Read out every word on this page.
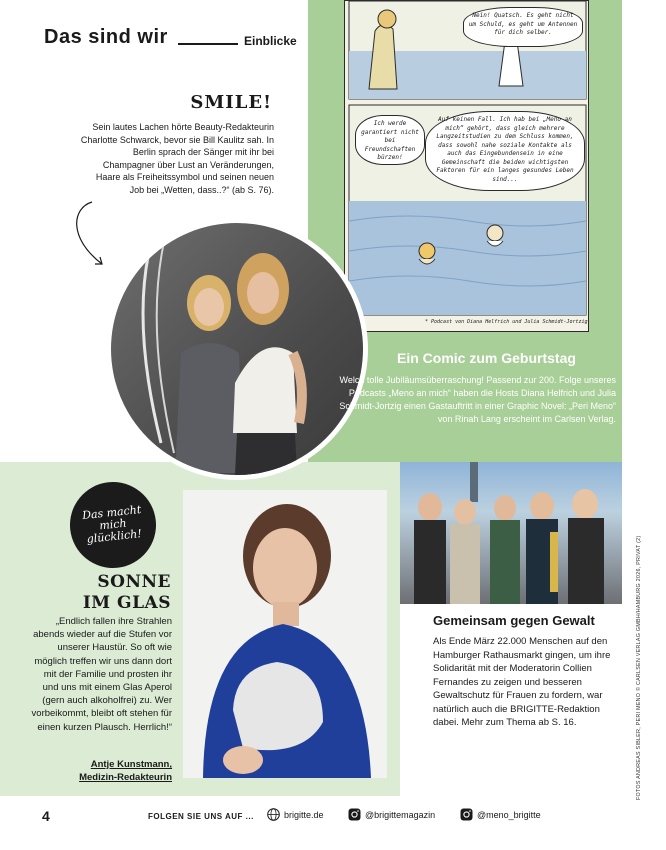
Das sind wir	Einblicke
Nein! Quatsch. Es geht nicht um Schuld, es geht um Antennen für dich selber.
Ich werde garantiert nicht bei Freundschaften bürzen!
Auf keinen Fall. Ich hab bei „Meno an mich“ gehört, dass gleich mehrere Langzeitstudien zu dem Schluss kommen, dass sowohl nahe soziale Kontakte als auch das Eingebundensein in eine Gemeinschaft die beiden wichtigsten Faktoren für ein langes gesundes Leben sind...
* Podcast von Diana Helfrich und Julia Schmidt-Jortzig
SMILE!
Sein lautes Lachen hörte Beauty-Redakteurin Charlotte Schwarck, bevor sie Bill Kaulitz sah. In Berlin sprach der Sänger mit ihr bei Champagner über Lust an Veränderungen, Haare als Freiheitssymbol und seinen neuen Job bei „Wetten, dass..?“ (ab S. 76).
Ein Comic zum Geburtstag
Welch tolle Jubiläumsüberraschung! Passend zur 200. Folge unseres Podcasts „Meno an mich“ haben die Hosts Diana Helfrich und Julia Schmidt-Jortzig einen Gastauftritt in einer Graphic Novel: „Peri Meno“ von Rinah Lang erscheint im Carlsen Verlag.
Gemeinsam gegen Gewalt
Als Ende März 22.000 Menschen auf den Hamburger Rathausmarkt gingen, um ihre Solidarität mit der Moderatorin Collien Fernandes zu zeigen und besseren Gewaltschutz für Frauen zu fordern, war natürlich auch die BRIGITTE-Redaktion dabei. Mehr zum Thema ab S. 16.
Das macht mich glücklich!
SONNE
IM GLAS
„Endlich fallen ihre Strahlen abends wieder auf die Stufen vor unserer Haustür. So oft wie möglich treffen wir uns dann dort mit der Familie und prosten ihr und uns mit einem Glas Aperol (gern auch alkoholfrei) zu. Wer vorbeikommt, bleibt oft stehen für einen kurzen Plausch. Herrlich!“
Antje Kunstmann,
Medizin-Redakteurin	FOTOS ANDREAS SIBLER, PERI MENO © CARLSEN VERLAG GMBH/HAMBURG 2026, PRIVAT (2)
4	FOLGEN SIE UNS AUF ...	brigitte.de	@brigittemagazin	@meno_brigitte
